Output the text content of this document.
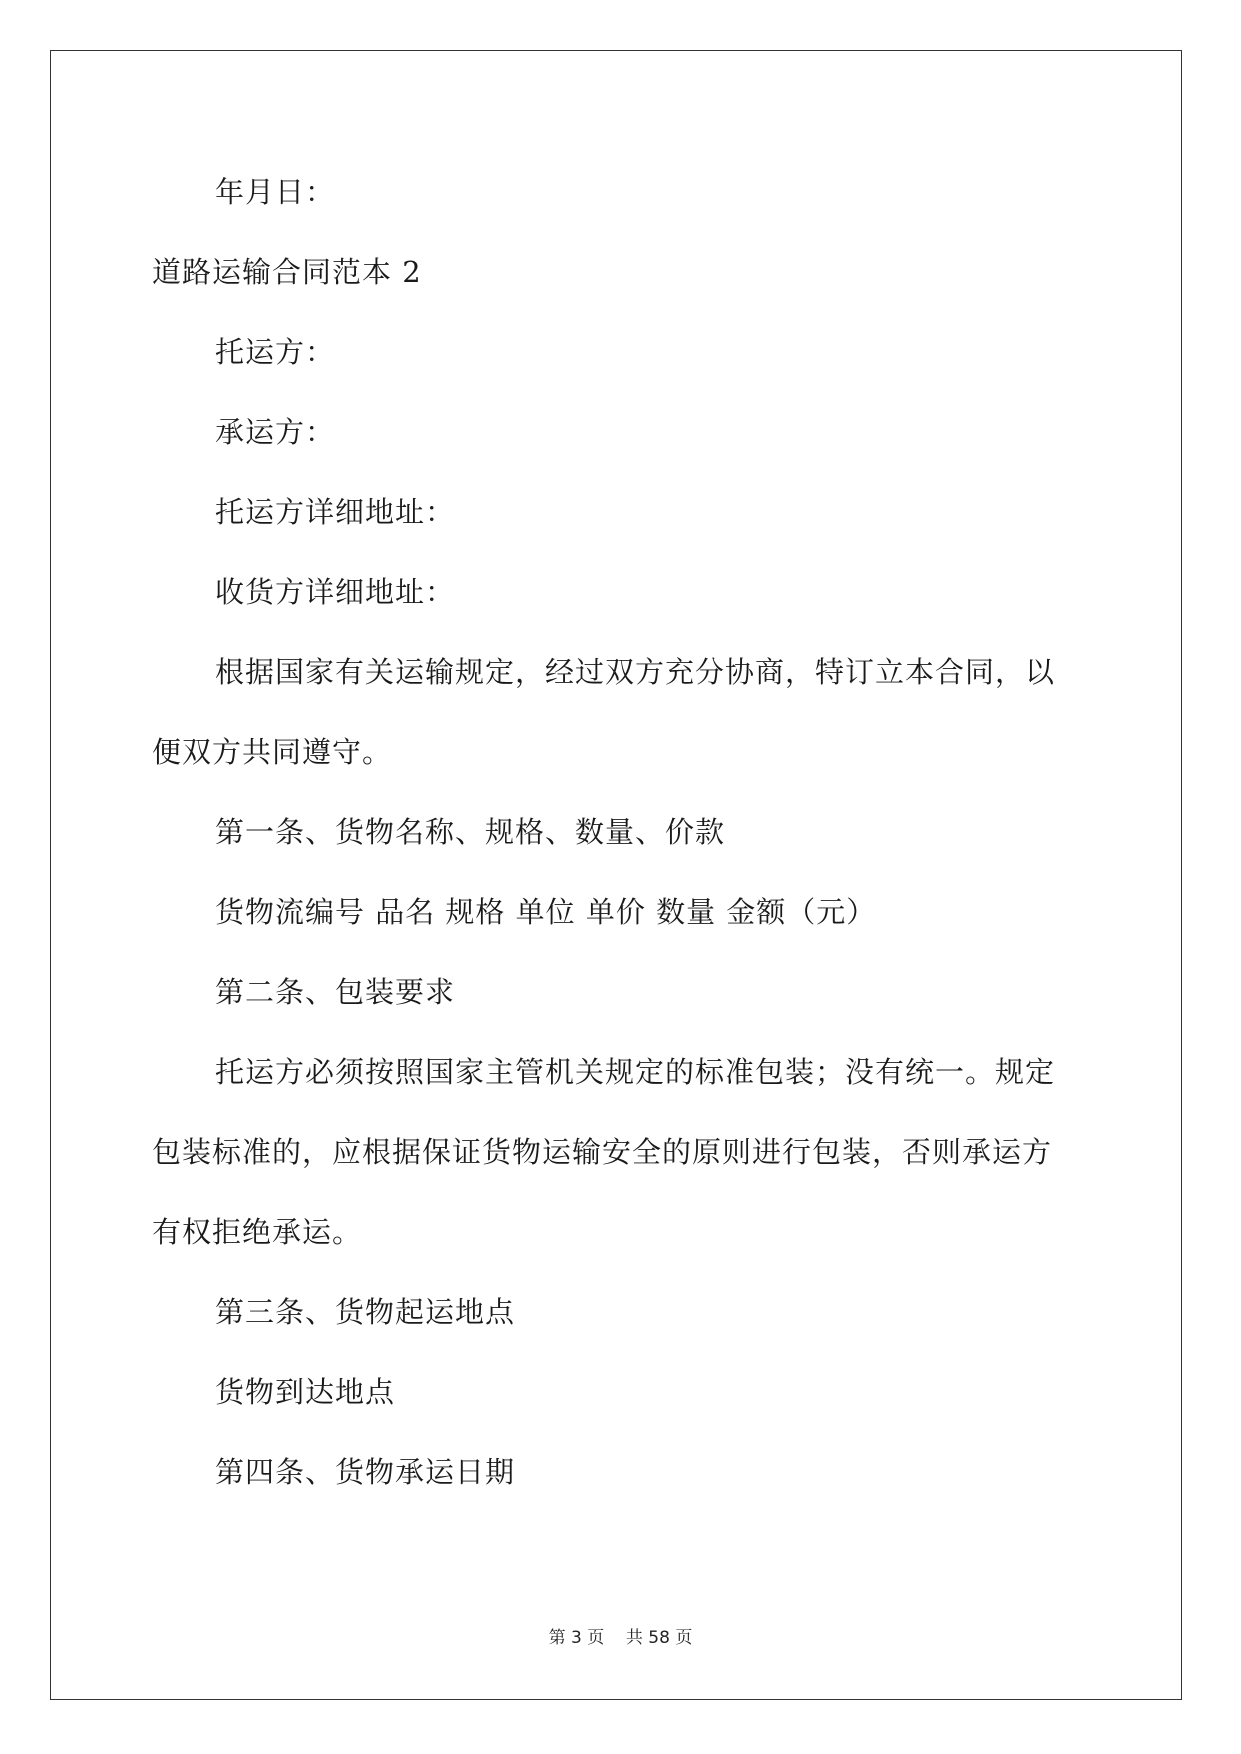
年月日：
道路运输合同范本 2
托运方：
承运方：
托运方详细地址：
收货方详细地址：
根据国家有关运输规定，经过双方充分协商，特订立本合同，以
便双方共同遵守。
第一条、货物名称、规格、数量、价款
货物流编号 品名 规格 单位 单价 数量 金额（元）
第二条、包装要求
托运方必须按照国家主管机关规定的标准包装；没有统一。规定
包装标准的，应根据保证货物运输安全的原则进行包装，否则承运方
有权拒绝承运。
第三条、货物起运地点
货物到达地点
第四条、货物承运日期
第 3 页 共 58 页
